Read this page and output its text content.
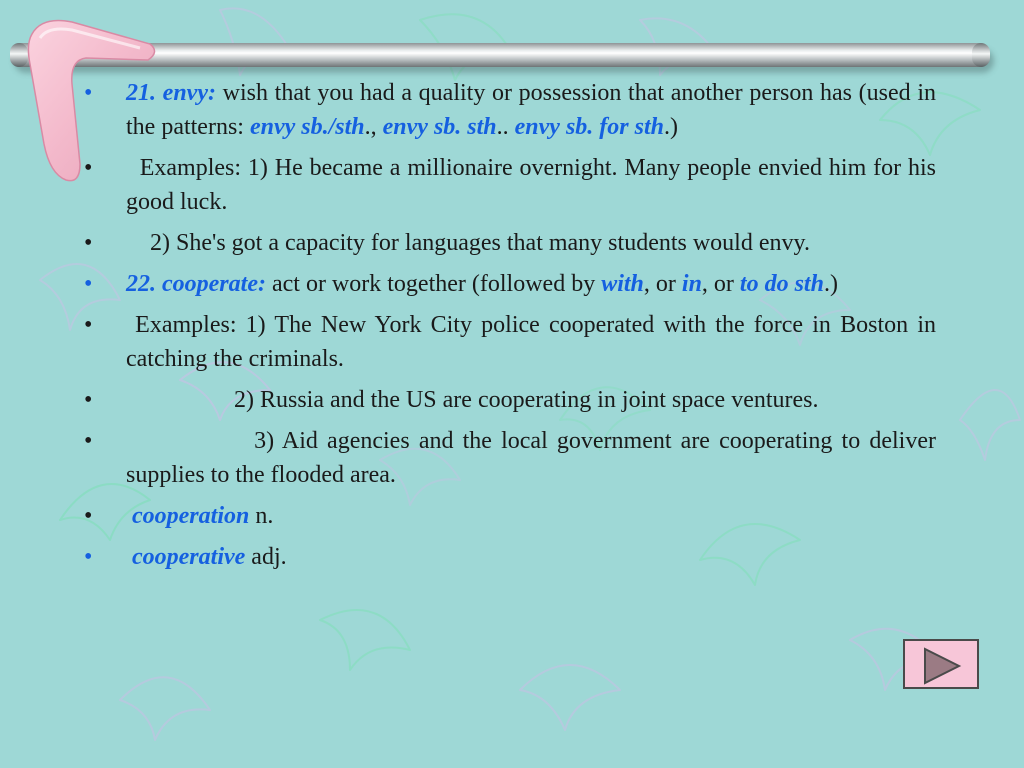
•	21. envy: wish that you had a quality or possession that another person has (used in the patterns: envy sb./sth., envy sb. sth.. envy sb. for sth.)
•	Examples: 1) He became a millionaire overnight. Many people envied him for his good luck.
•	2) She's got a capacity for languages that many students would envy.
•	22. cooperate: act or work together (followed by with, or in, or to do sth.)
•	Examples: 1) The New York City police cooperated with the force in Boston in catching the criminals.
•	2) Russia and the US are cooperating in joint space ventures.
•	3) Aid agencies and the local government are cooperating to deliver supplies to the flooded area.
•	cooperation n.
•	cooperative adj.
